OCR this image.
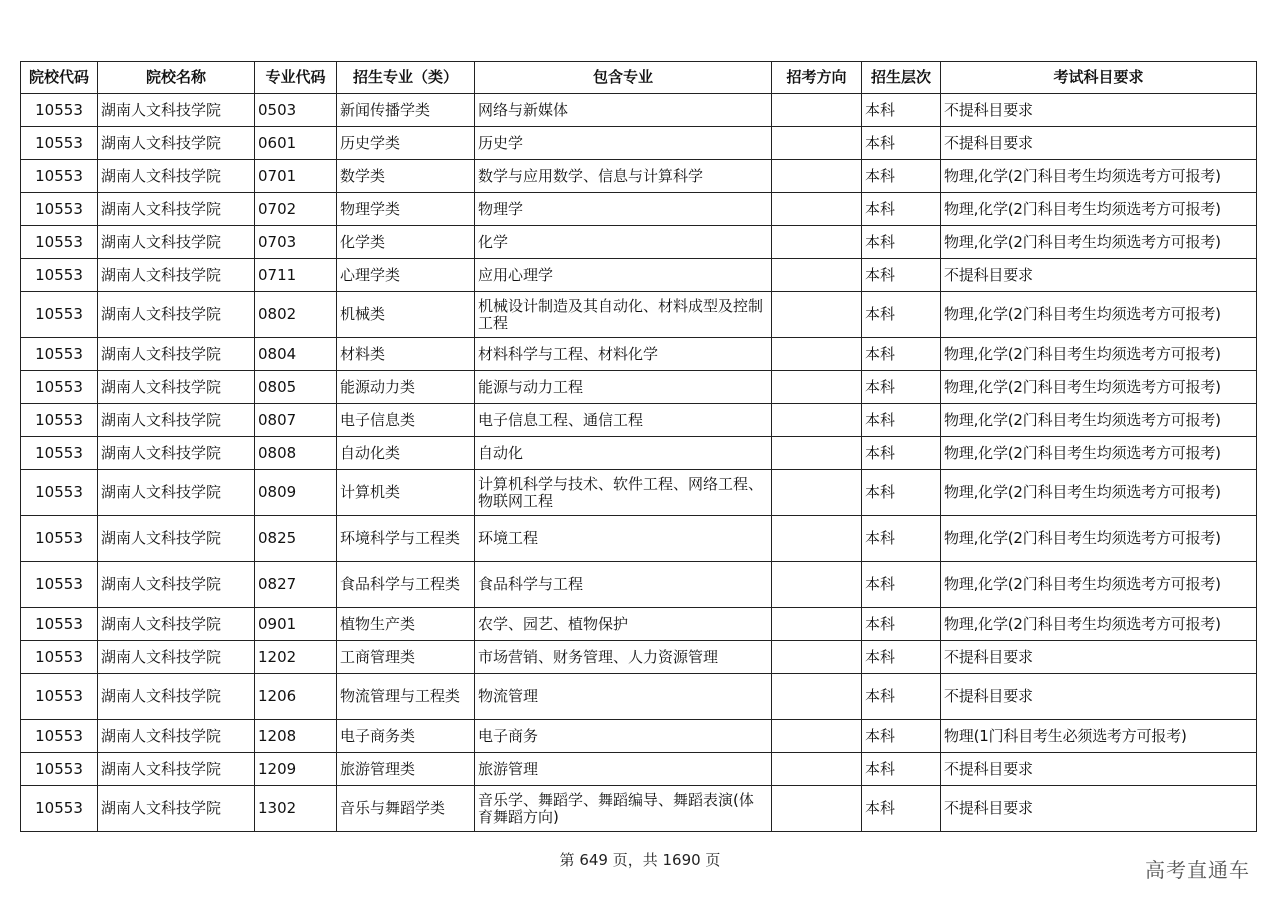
院校代码	院校名称	专业代码	招生专业（类）	包含专业	招考方向	招生层次	考试科目要求
10553	湖南人文科技学院	0503	新闻传播学类	网络与新媒体		本科	不提科目要求
10553	湖南人文科技学院	0601	历史学类	历史学		本科	不提科目要求
10553	湖南人文科技学院	0701	数学类	数学与应用数学、信息与计算科学		本科	物理,化学(2门科目考生均须选考方可报考)
10553	湖南人文科技学院	0702	物理学类	物理学		本科	物理,化学(2门科目考生均须选考方可报考)
10553	湖南人文科技学院	0703	化学类	化学		本科	物理,化学(2门科目考生均须选考方可报考)
10553	湖南人文科技学院	0711	心理学类	应用心理学		本科	不提科目要求
10553	湖南人文科技学院	0802	机械类	机械设计制造及其自动化、材料成型及控制工程		本科	物理,化学(2门科目考生均须选考方可报考)
10553	湖南人文科技学院	0804	材料类	材料科学与工程、材料化学		本科	物理,化学(2门科目考生均须选考方可报考)
10553	湖南人文科技学院	0805	能源动力类	能源与动力工程		本科	物理,化学(2门科目考生均须选考方可报考)
10553	湖南人文科技学院	0807	电子信息类	电子信息工程、通信工程		本科	物理,化学(2门科目考生均须选考方可报考)
10553	湖南人文科技学院	0808	自动化类	自动化		本科	物理,化学(2门科目考生均须选考方可报考)
10553	湖南人文科技学院	0809	计算机类	计算机科学与技术、软件工程、网络工程、物联网工程		本科	物理,化学(2门科目考生均须选考方可报考)
10553	湖南人文科技学院	0825	环境科学与工程类	环境工程		本科	物理,化学(2门科目考生均须选考方可报考)
10553	湖南人文科技学院	0827	食品科学与工程类	食品科学与工程		本科	物理,化学(2门科目考生均须选考方可报考)
10553	湖南人文科技学院	0901	植物生产类	农学、园艺、植物保护		本科	物理,化学(2门科目考生均须选考方可报考)
10553	湖南人文科技学院	1202	工商管理类	市场营销、财务管理、人力资源管理		本科	不提科目要求
10553	湖南人文科技学院	1206	物流管理与工程类	物流管理		本科	不提科目要求
10553	湖南人文科技学院	1208	电子商务类	电子商务		本科	物理(1门科目考生必须选考方可报考)
10553	湖南人文科技学院	1209	旅游管理类	旅游管理		本科	不提科目要求
10553	湖南人文科技学院	1302	音乐与舞蹈学类	音乐学、舞蹈学、舞蹈编导、舞蹈表演(体育舞蹈方向)		本科	不提科目要求
第 649 页，共 1690 页	高考直通车
